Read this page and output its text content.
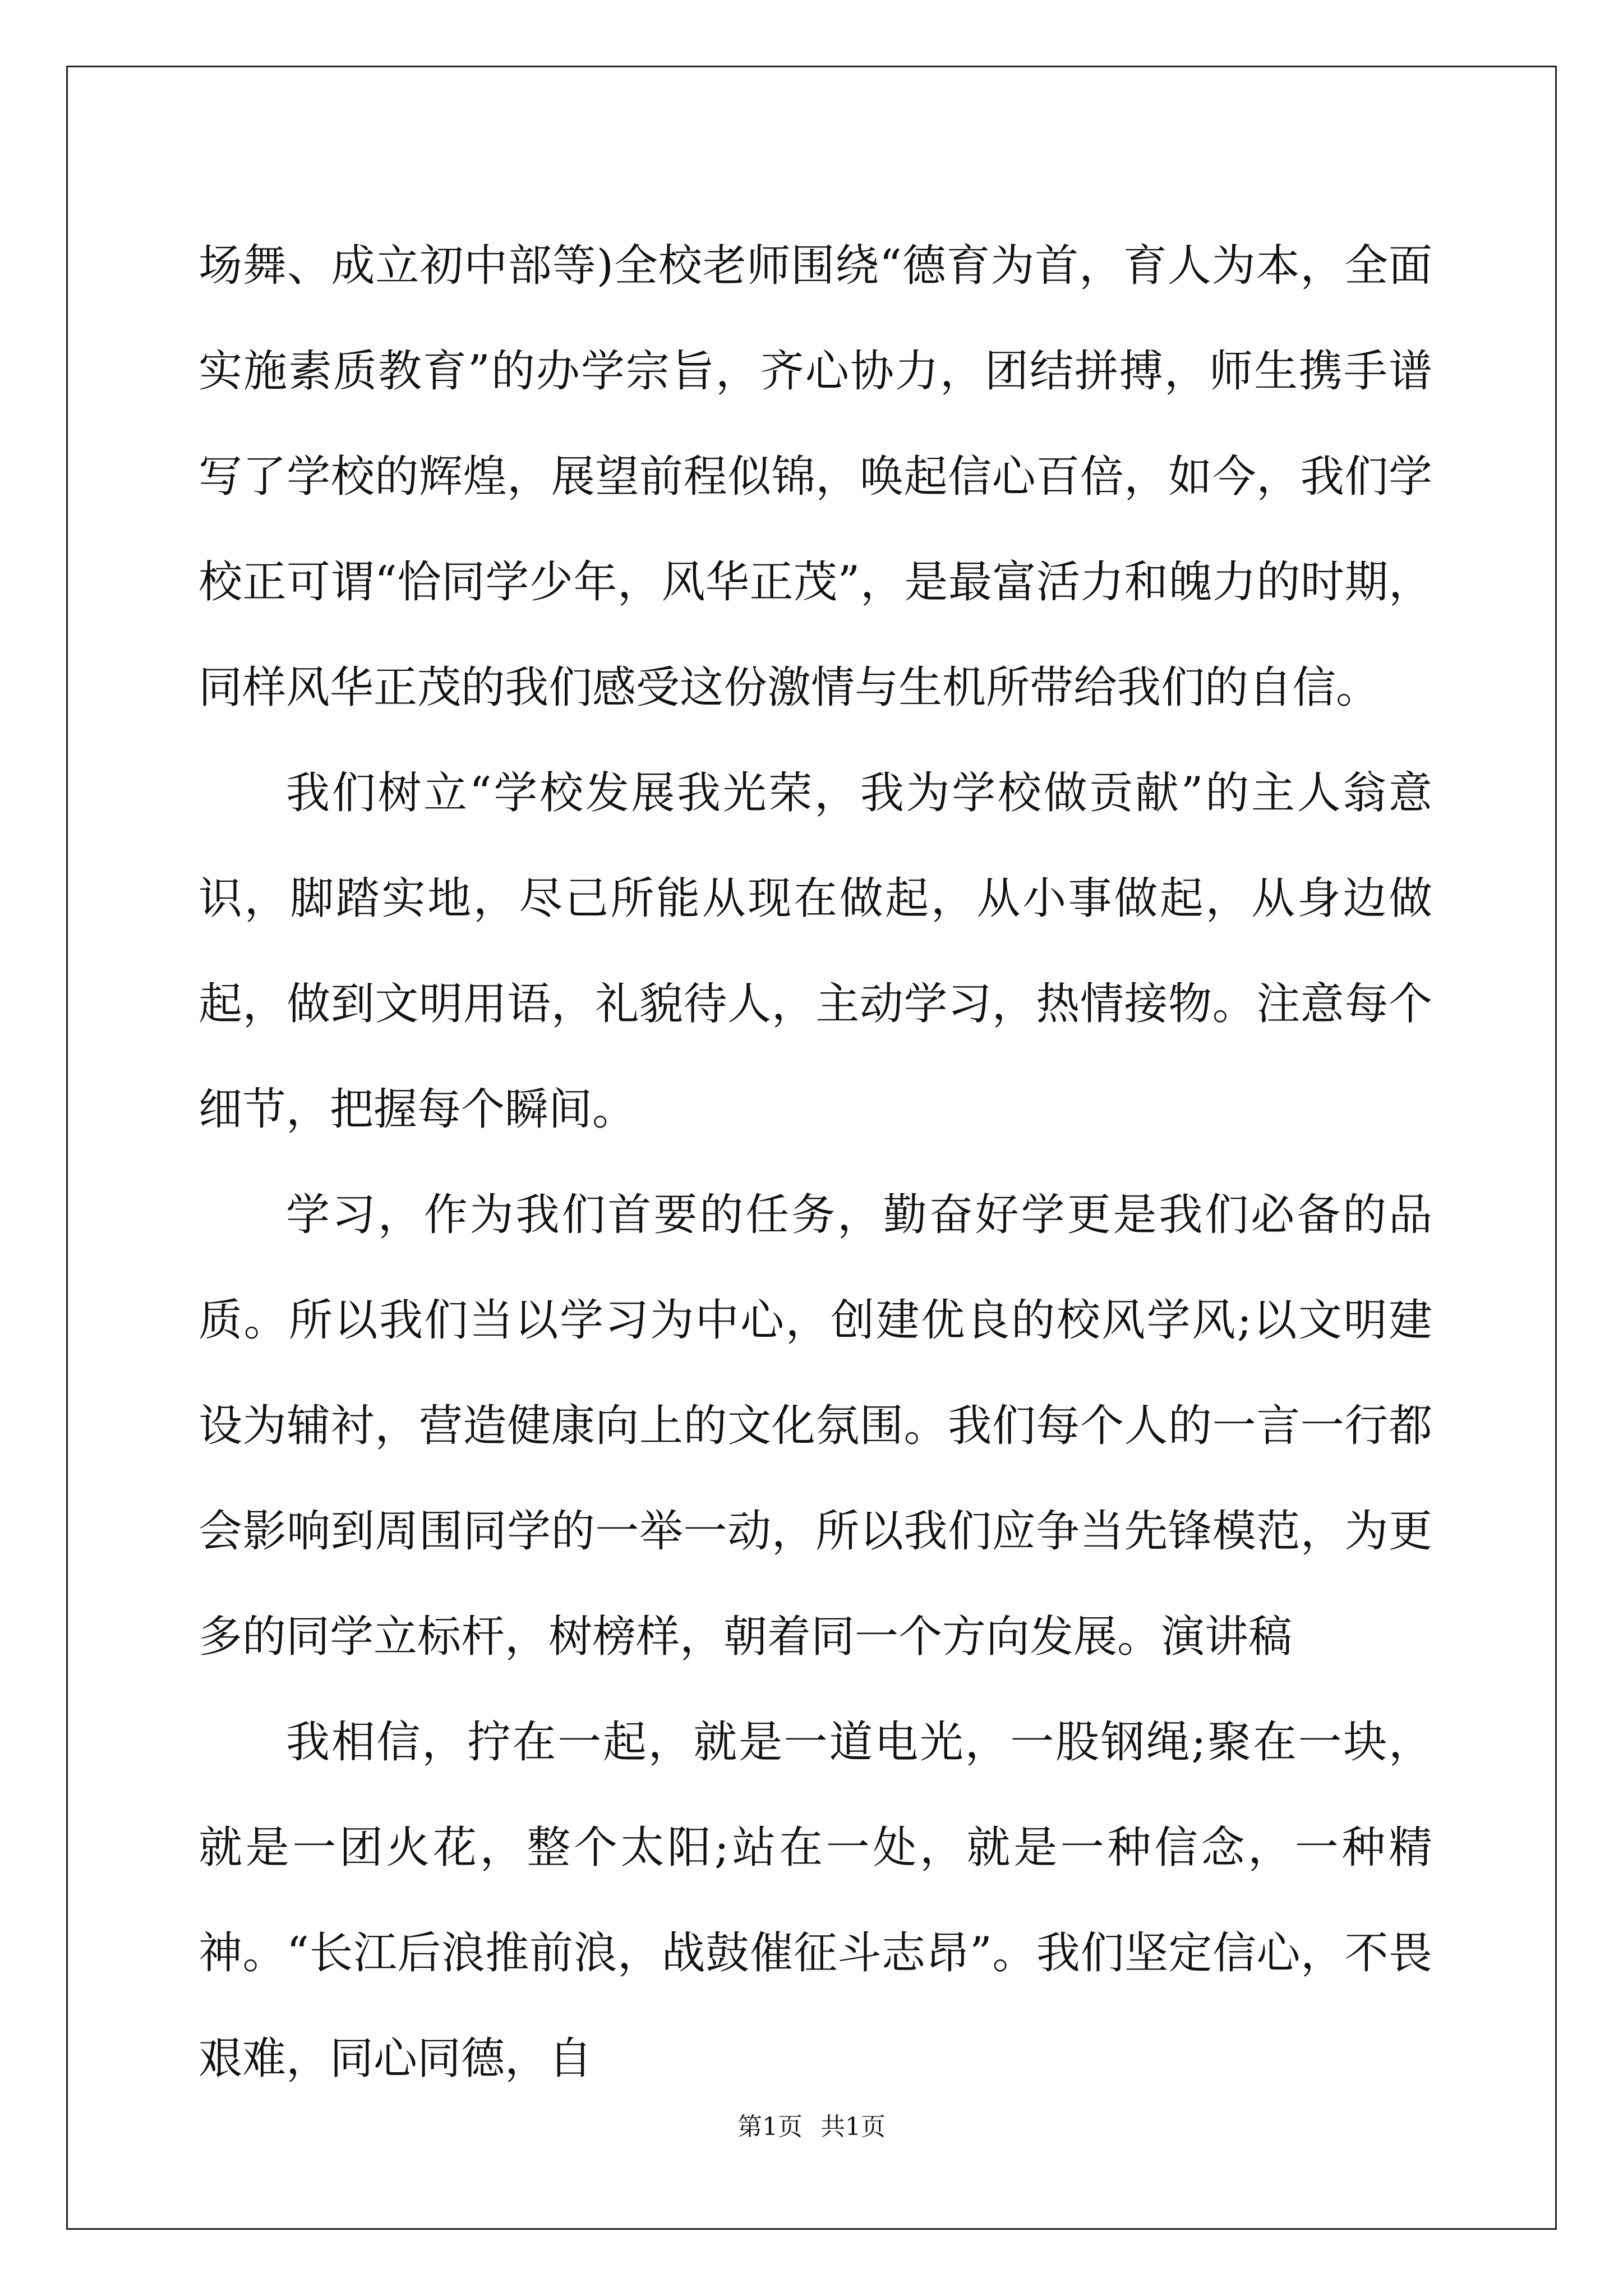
场舞、成立初中部等)全校老师围绕“德育为首，育人为本，全面实施素质教育”的办学宗旨，齐心协力，团结拼搏，师生携手谱写了学校的辉煌，展望前程似锦，唤起信心百倍，如今，我们学校正可谓“恰同学少年，风华正茂”，是最富活力和魄力的时期，同样风华正茂的我们感受这份激情与生机所带给我们的自信。

我们树立“学校发展我光荣，我为学校做贡献”的主人翁意识，脚踏实地，尽己所能从现在做起，从小事做起，从身边做起，做到文明用语，礼貌待人，主动学习，热情接物。注意每个细节，把握每个瞬间。

学习，作为我们首要的任务，勤奋好学更是我们必备的品质。所以我们当以学习为中心，创建优良的校风学风;以文明建设为辅衬，营造健康向上的文化氛围。我们每个人的一言一行都会影响到周围同学的一举一动，所以我们应争当先锋模范，为更多的同学立标杆，树榜样，朝着同一个方向发展。演讲稿

我相信，拧在一起，就是一道电光，一股钢绳;聚在一块，就是一团火花，整个太阳;站在一处，就是一种信念，一种精神。“长江后浪推前浪，战鼓催征斗志昂”。我们坚定信心，不畏艰难，同心同德，自

第1页 共1页
